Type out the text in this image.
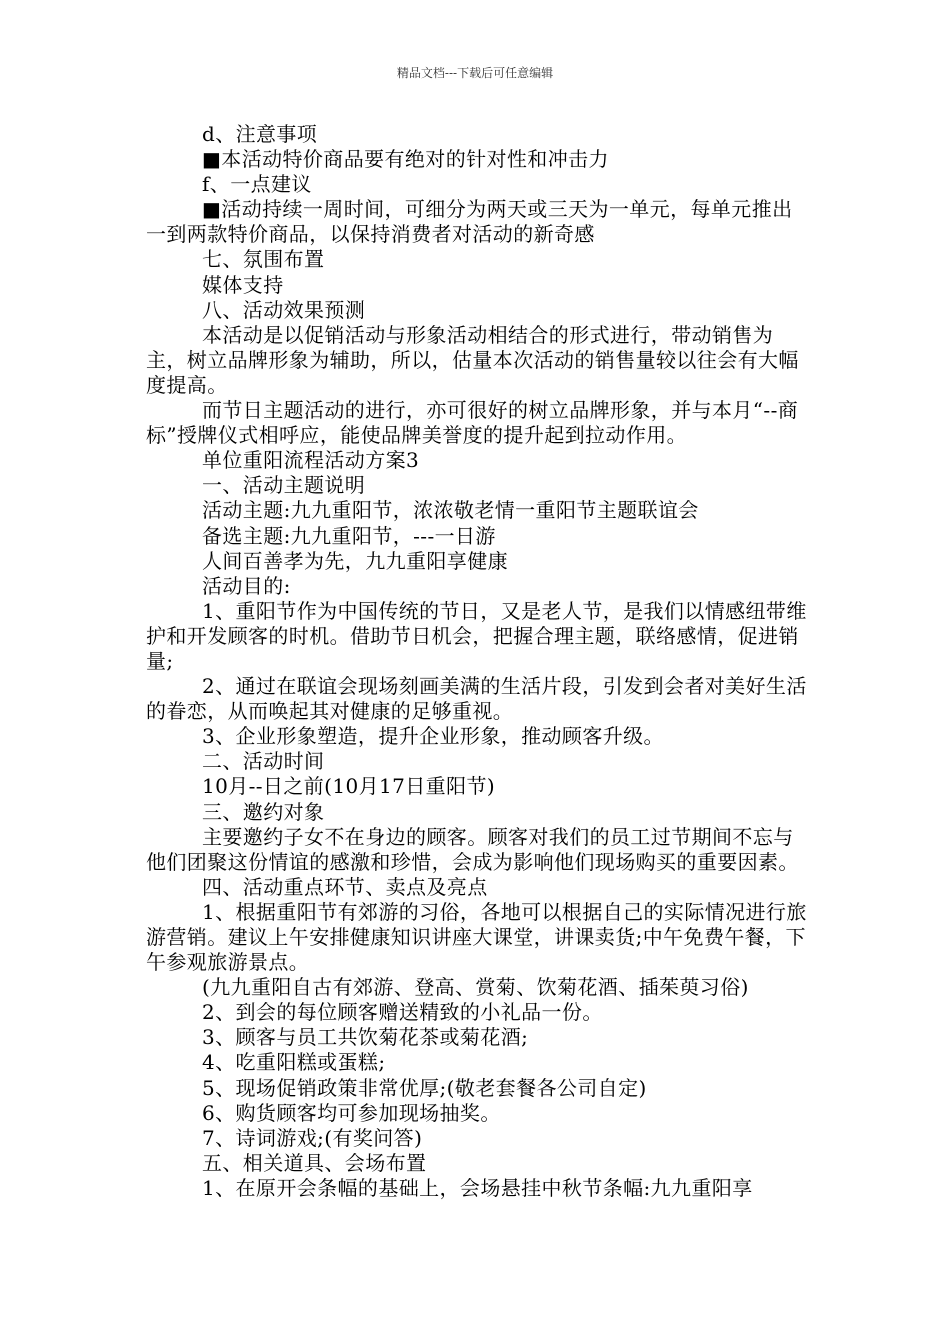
精品文档---下载后可任意编辑

d、注意事项

■本活动特价商品要有绝对的针对性和冲击力

f、一点建议

■活动持续一周时间，可细分为两天或三天为一单元，每单元推出一到两款特价商品，以保持消费者对活动的新奇感

七、氛围布置

媒体支持

八、活动效果预测

本活动是以促销活动与形象活动相结合的形式进行，带动销售为主，树立品牌形象为辅助，所以，估量本次活动的销售量较以往会有大幅度提高。

而节日主题活动的进行，亦可很好的树立品牌形象，并与本月“--商标”授牌仪式相呼应，能使品牌美誉度的提升起到拉动作用。

单位重阳流程活动方案3

一、活动主题说明

活动主题:九九重阳节，浓浓敬老情一重阳节主题联谊会

备选主题:九九重阳节，---一日游

人间百善孝为先，九九重阳享健康

活动目的:

1、重阳节作为中国传统的节日，又是老人节，是我们以情感纽带维护和开发顾客的时机。借助节日机会，把握合理主题，联络感情，促进销量;

2、通过在联谊会现场刻画美满的生活片段，引发到会者对美好生活的眷恋，从而唤起其对健康的足够重视。

3、企业形象塑造，提升企业形象，推动顾客升级。

二、活动时间

10月--日之前(10月17日重阳节)

三、邀约对象

主要邀约子女不在身边的顾客。顾客对我们的员工过节期间不忘与他们团聚这份情谊的感激和珍惜，会成为影响他们现场购买的重要因素。

四、活动重点环节、卖点及亮点

1、根据重阳节有郊游的习俗，各地可以根据自己的实际情况进行旅游营销。建议上午安排健康知识讲座大课堂，讲课卖货;中午免费午餐，下午参观旅游景点。

(九九重阳自古有郊游、登高、赏菊、饮菊花酒、插茱萸习俗)

2、到会的每位顾客赠送精致的小礼品一份。

3、顾客与员工共饮菊花茶或菊花酒;

4、吃重阳糕或蛋糕;

5、现场促销政策非常优厚;(敬老套餐各公司自定)

6、购货顾客均可参加现场抽奖。

7、诗词游戏;(有奖问答)

五、相关道具、会场布置

1、在原开会条幅的基础上，会场悬挂中秋节条幅:九九重阳享
